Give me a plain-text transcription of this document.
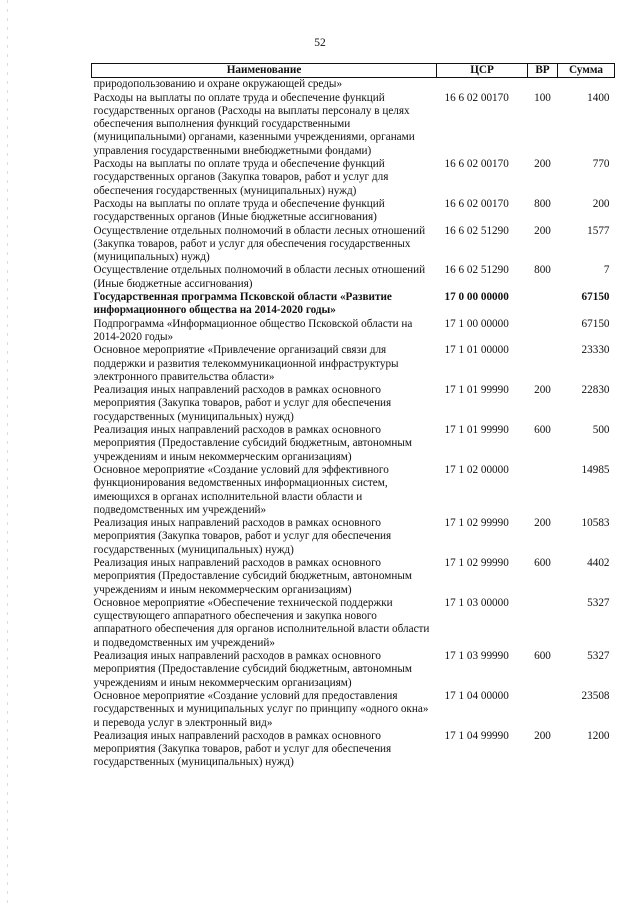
52
Наименование	ЦСР	ВР	Сумма
природопользованию и охране окружающей среды»			
Расходы на выплаты по оплате труда и обеспечение функций государственных органов (Расходы на выплаты персоналу в целях обеспечения выполнения функций государственными (муниципальными) органами, казенными учреждениями, органами управления государственными внебюджетными фондами)	16 6 02 00170	100	1400
Расходы на выплаты по оплате труда и обеспечение функций государственных органов (Закупка товаров, работ и услуг для обеспечения государственных (муниципальных) нужд)	16 6 02 00170	200	770
Расходы на выплаты по оплате труда и обеспечение функций государственных органов (Иные бюджетные ассигнования)	16 6 02 00170	800	200
Осуществление отдельных полномочий в области лесных отношений (Закупка товаров, работ и услуг для обеспечения государственных (муниципальных) нужд)	16 6 02 51290	200	1577
Осуществление отдельных полномочий в области лесных отношений (Иные бюджетные ассигнования)	16 6 02 51290	800	7
Государственная программа Псковской области «Развитие информационного общества на 2014-2020 годы»	17 0 00 00000		67150
Подпрограмма «Информационное общество Псковской области на 2014-2020 годы»	17 1 00 00000		67150
Основное мероприятие «Привлечение организаций связи для поддержки и развития телекоммуникационной инфраструктуры электронного правительства области»	17 1 01 00000		23330
Реализация иных направлений расходов в рамках основного мероприятия (Закупка товаров, работ и услуг для обеспечения государственных (муниципальных) нужд)	17 1 01 99990	200	22830
Реализация иных направлений расходов в рамках основного мероприятия (Предоставление субсидий бюджетным, автономным учреждениям и иным некоммерческим организациям)	17 1 01 99990	600	500
Основное мероприятие «Создание условий для эффективного функционирования ведомственных информационных систем, имеющихся в органах исполнительной власти области и подведомственных им учреждений»	17 1 02 00000		14985
Реализация иных направлений расходов в рамках основного мероприятия (Закупка товаров, работ и услуг для обеспечения государственных (муниципальных) нужд)	17 1 02 99990	200	10583
Реализация иных направлений расходов в рамках основного мероприятия (Предоставление субсидий бюджетным, автономным учреждениям и иным некоммерческим организациям)	17 1 02 99990	600	4402
Основное мероприятие «Обеспечение технической поддержки существующего аппаратного обеспечения и закупка нового аппаратного обеспечения для органов исполнительной власти области и подведомственных им учреждений»	17 1 03 00000		5327
Реализация иных направлений расходов в рамках основного мероприятия (Предоставление субсидий бюджетным, автономным учреждениям и иным некоммерческим организациям)	17 1 03 99990	600	5327
Основное мероприятие «Создание условий для предоставления государственных и муниципальных услуг по принципу «одного окна» и перевода услуг в электронный вид»	17 1 04 00000		23508
Реализация иных направлений расходов в рамках основного мероприятия (Закупка товаров, работ и услуг для обеспечения государственных (муниципальных) нужд)	17 1 04 99990	200	1200
